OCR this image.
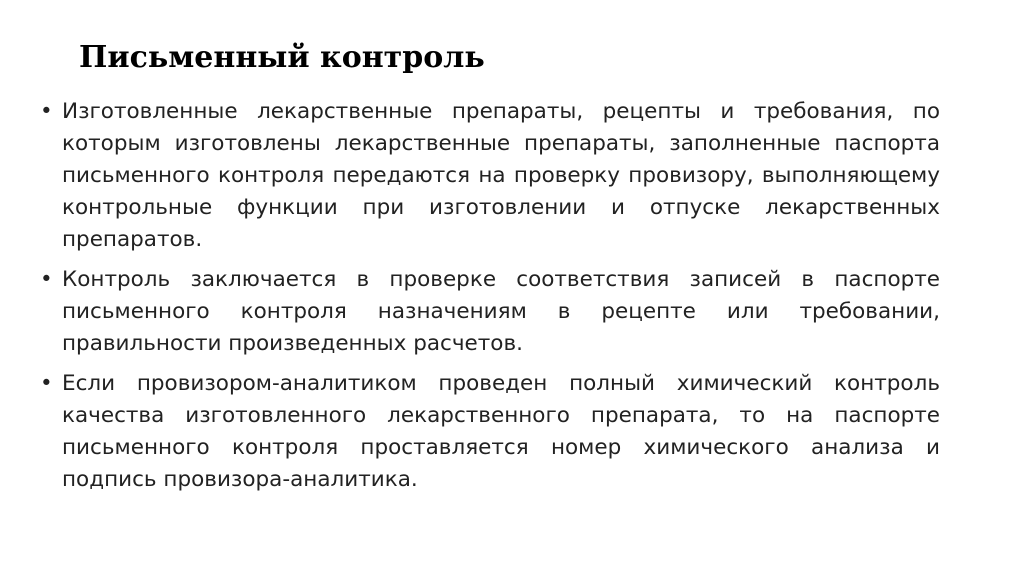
Письменный контроль
• Изготовленные лекарственные препараты, рецепты и требования, по которым изготовлены лекарственные препараты, заполненные паспорта письменного контроля передаются на проверку провизору, выполняющему контрольные функции при изготовлении и отпуске лекарственных препаратов.
• Контроль заключается в проверке соответствия записей в паспорте письменного контроля назначениям в рецепте или требовании, правильности произведенных расчетов.
• Если провизором-аналитиком проведен полный химический контроль качества изготовленного лекарственного препарата, то на паспорте письменного контроля проставляется номер химического анализа и подпись провизора-аналитика.
